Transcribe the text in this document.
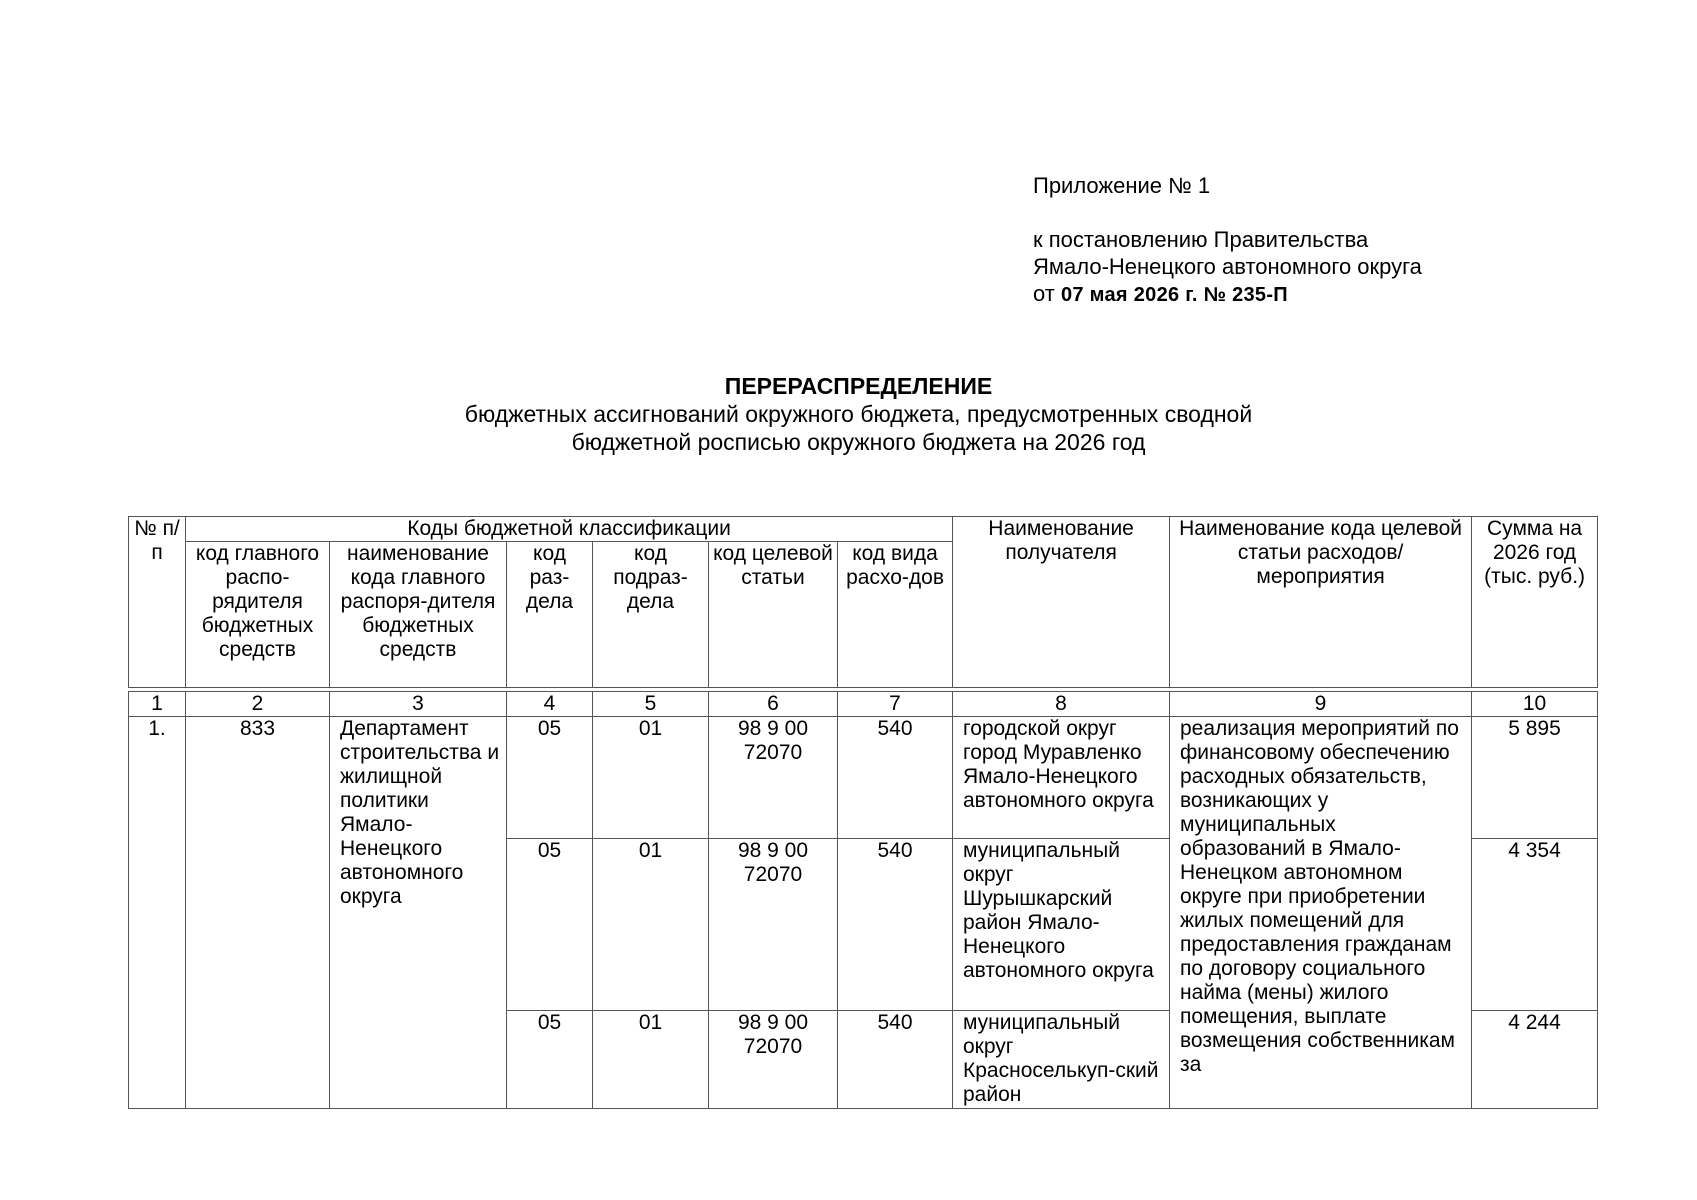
Приложение № 1
к постановлению Правительства
Ямало-Ненецкого автономного округа
от 07 мая 2026 г. № 235-П
ПЕРЕРАСПРЕДЕЛЕНИЕ
бюджетных ассигнований окружного бюджета, предусмотренных сводной
бюджетной росписью окружного бюджета на 2026 год
№ п/п	Коды бюджетной классификации						Наименование получателя	Наименование кода целевой статьи расходов/ мероприятия	Сумма на 2026 год (тыс. руб.)
	код главного распо-рядителя бюджетных средств	наименование кода главного распоря-дителя бюджетных средств	код раз-дела	код подраз-дела	код целевой статьи	код вида расхо-дов			
1	2	3	4	5	6	7	8	9	10
1.	833	Департамент строительства и жилищной политики Ямало-Ненецкого автономного округа	05	01	98 9 00 72070	540	городской округ город Муравленко Ямало-Ненецкого автономного округа	реализация мероприятий по финансовому обеспечению расходных обязательств, возникающих у муниципальных образований в Ямало-Ненецком автономном округе при приобретении жилых помещений для предоставления гражданам по договору социального найма (мены) жилого помещения, выплате возмещения собственникам за	5 895
			05	01	98 9 00 72070	540	муниципальный округ Шурышкарский район Ямало-Ненецкого автономного округа		4 354
			05	01	98 9 00 72070	540	муниципальный округ Красноселькуп-ский район		4 244
